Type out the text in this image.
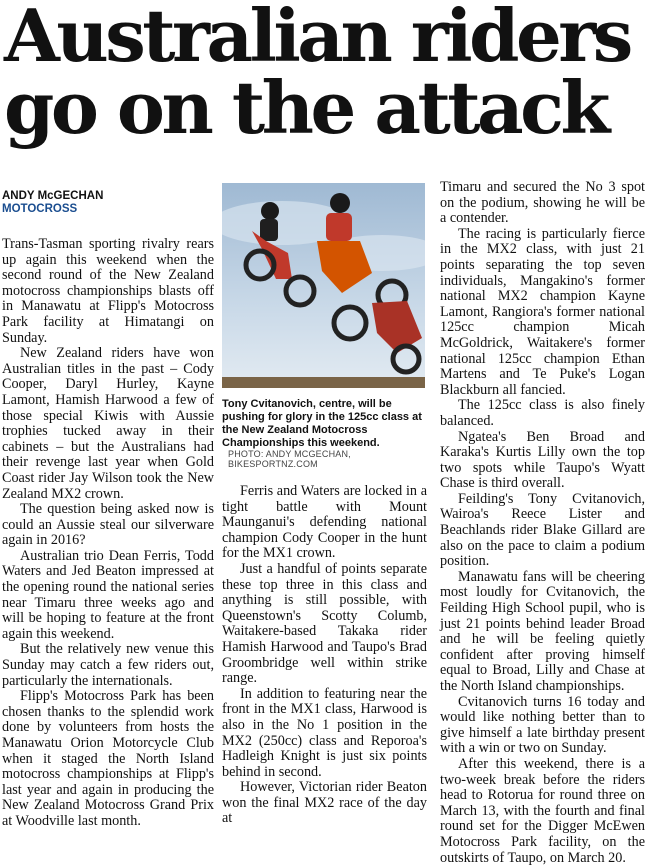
Australian riders
go on the attack
ANDY McGECHAN
MOTOCROSS

Trans-Tasman sporting rivalry rears up again this weekend when the second round of the New Zealand motocross championships blasts off in Manawatu at Flipp's Motocross Park facility at Himatangi on Sunday.

New Zealand riders have won Australian titles in the past – Cody Cooper, Daryl Hurley, Kayne Lamont, Hamish Harwood a few of those special Kiwis with Aussie trophies tucked away in their cabinets – but the Australians had their revenge last year when Gold Coast rider Jay Wilson took the New Zealand MX2 crown.

The question being asked now is could an Aussie steal our silverware again in 2016?

Australian trio Dean Ferris, Todd Waters and Jed Beaton impressed at the opening round the national series near Timaru three weeks ago and will be hoping to feature at the front again this weekend.

But the relatively new venue this Sunday may catch a few riders out, particularly the internationals.

Flipp's Motocross Park has been chosen thanks to the splendid work done by volunteers from hosts the Manawatu Orion Motorcycle Club when it staged the North Island motocross championships at Flipp's last year and again in producing the New Zealand Motocross Grand Prix at Woodville last month.

Tony Cvitanovich, centre, will be pushing for glory in the 125cc class at the New Zealand Motocross Championships this weekend.
PHOTO: ANDY MCGECHAN, BIKESPORTNZ.COM

Ferris and Waters are locked in a tight battle with Mount Maunganui's defending national champion Cody Cooper in the hunt for the MX1 crown.

Just a handful of points separate these top three in this class and anything is still possible, with Queenstown's Scotty Columb, Waitakere-based Takaka rider Hamish Harwood and Taupo's Brad Groombridge well within strike range.

In addition to featuring near the front in the MX1 class, Harwood is also in the No 1 position in the MX2 (250cc) class and Reporoa's Hadleigh Knight is just six points behind in second.

However, Victorian rider Beaton won the final MX2 race of the day at

Timaru and secured the No 3 spot on the podium, showing he will be a contender.

The racing is particularly fierce in the MX2 class, with just 21 points separating the top seven individuals, Mangakino's former national MX2 champion Kayne Lamont, Rangiora's former national 125cc champion Micah McGoldrick, Waitakere's former national 125cc champion Ethan Martens and Te Puke's Logan Blackburn all fancied.

The 125cc class is also finely balanced.

Ngatea's Ben Broad and Karaka's Kurtis Lilly own the top two spots while Taupo's Wyatt Chase is third overall.

Feilding's Tony Cvitanovich, Wairoa's Reece Lister and Beachlands rider Blake Gillard are also on the pace to claim a podium position.

Manawatu fans will be cheering most loudly for Cvitanovich, the Feilding High School pupil, who is just 21 points behind leader Broad and he will be feeling quietly confident after proving himself equal to Broad, Lilly and Chase at the North Island championships.

Cvitanovich turns 16 today and would like nothing better than to give himself a late birthday present with a win or two on Sunday.

After this weekend, there is a two-week break before the riders head to Rotorua for round three on March 13, with the fourth and final round set for the Digger McEwen Motocross Park facility, on the outskirts of Taupo, on March 20.
